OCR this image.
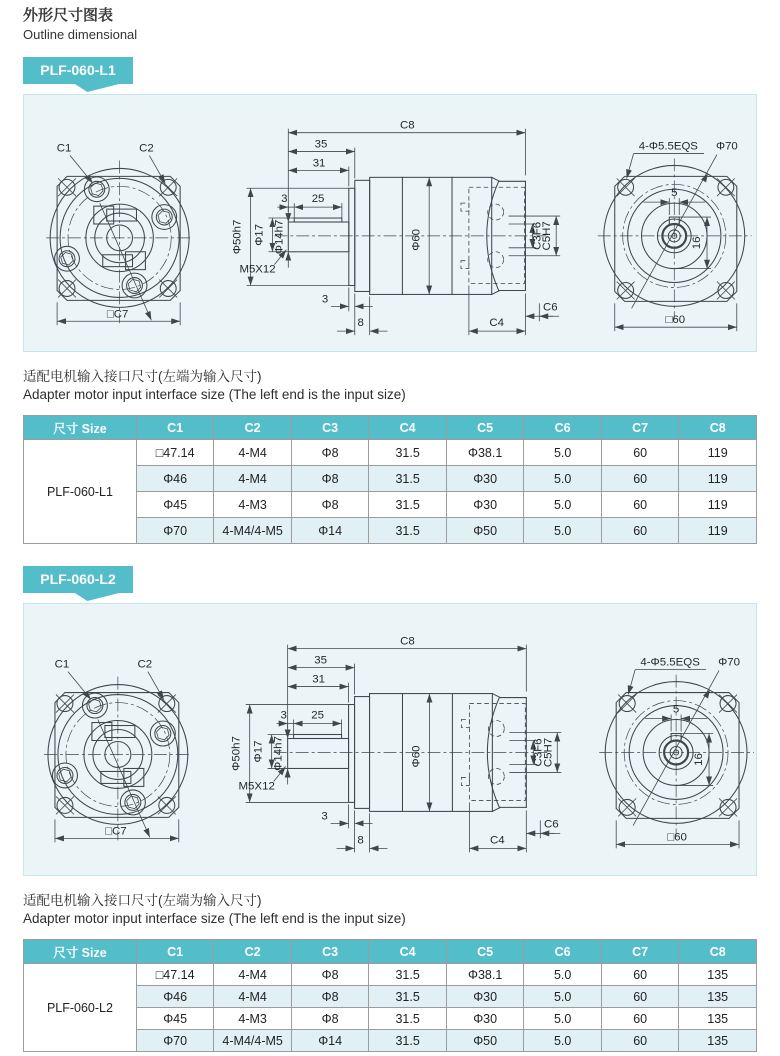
外形尺寸图表
Outline dimensional
PLF-060-L1
C1	C2
□C7
C8
35
31
3 25
Φ50h7 Φ17 Φ14h7
M5X12
Φ60	C3F6
C5H7
3
8	C4
C6
4-Φ5.5EQS Φ70
5
16
□60

适配电机输入接口尺寸(左端为输入尺寸)

Adapter motor input interface size (The left end is the input size)

尺寸 Size	C1	C2	C3	C4	C5	C6	C7	C8
PLF-060-L1	□47.14	4-M4	Φ8	31.5	Φ38.1	5.0	60	119
	Φ46	4-M4	Φ8	31.5	Φ30	5.0	60	119
	Φ45	4-M3	Φ8	31.5	Φ30	5.0	60	119
	Φ70	4-M4/4-M5	Φ14	31.5	Φ50	5.0	60	119
PLF-060-L2
C1	C2
□C7
C8
35
31
3 25
Φ50h7 Φ17 Φ14h7
M5X12
Φ60	C3F6
C5H7
3
8	C4
C6
4-Φ5.5EQS Φ70
5
16
□60

适配电机输入接口尺寸(左端为输入尺寸)

Adapter motor input interface size (The left end is the input size)

尺寸 Size	C1	C2	C3	C4	C5	C6	C7	C8
PLF-060-L2	□47.14	4-M4	Φ8	31.5	Φ38.1	5.0	60	135
	Φ46	4-M4	Φ8	31.5	Φ30	5.0	60	135
	Φ45	4-M3	Φ8	31.5	Φ30	5.0	60	135
	Φ70	4-M4/4-M5	Φ14	31.5	Φ50	5.0	60	135
